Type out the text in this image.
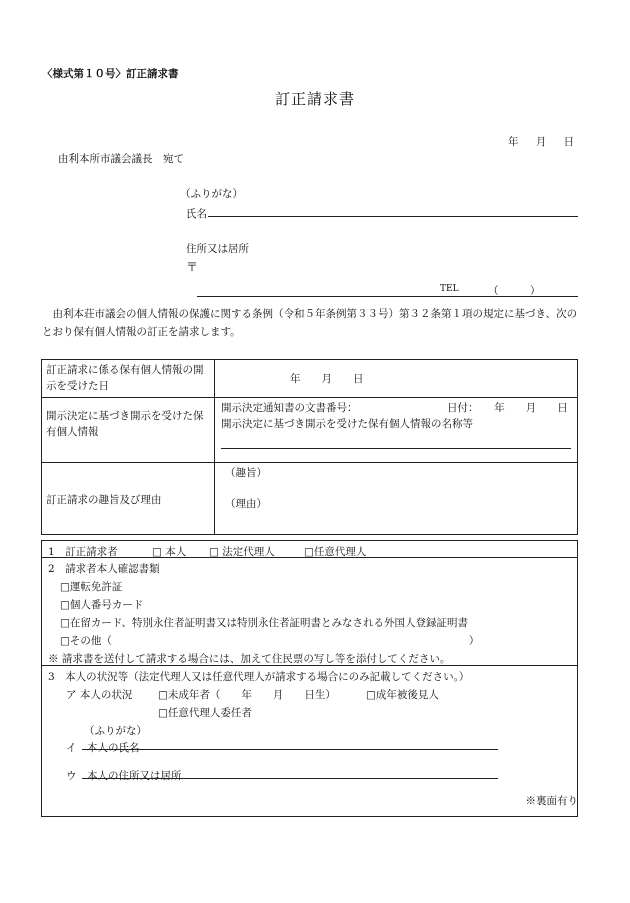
〈様式第１０号〉訂正請求書
訂正請求書
年 月 日
由利本所市議会議長　宛て
（ふりがな）
氏名
住所又は居所
〒
TEL	（　　　）
由利本荘市議会の個人情報の保護に関する条例（令和５年条例第３３号）第３２条第１項の規定に基づき、次のとおり保有個人情報の訂正を請求します。
訂正請求に係る保有個人情報の開示を受けた日	年　　月　　日
開示決定に基づき開示を受けた保有個人情報	開示決定通知書の文書番号： 日付：　　年　　月　　日
開示決定に基づき開示を受けた保有個人情報の名称等

訂正請求の趣旨及び理由	（趣旨）
（理由）
1　訂正請求者	□ 本人 □ 法定代理人	□任意代理人
2　請求者本人確認書類
□運転免許証
□個人番号カード
□在留カード、特別永住者証明書又は特別永住者証明書とみなされる外国人登録証明書
□その他（　　　　　　　　　　　　　　　　　　　　　　　　　　　　　　　　　　）
※ 請求書を送付して請求する場合には、加えて住民票の写し等を添付してください。
3　本人の状況等（法定代理人又は任意代理人が請求する場合にのみ記載してください。）
ア 本人の状況 □未成年者（　　年　　月　　日生）	□成年被後見人
□任意代理人委任者
（ふりがな）
イ　本人の氏名
ウ　本人の住所又は居所
※裏面有り
